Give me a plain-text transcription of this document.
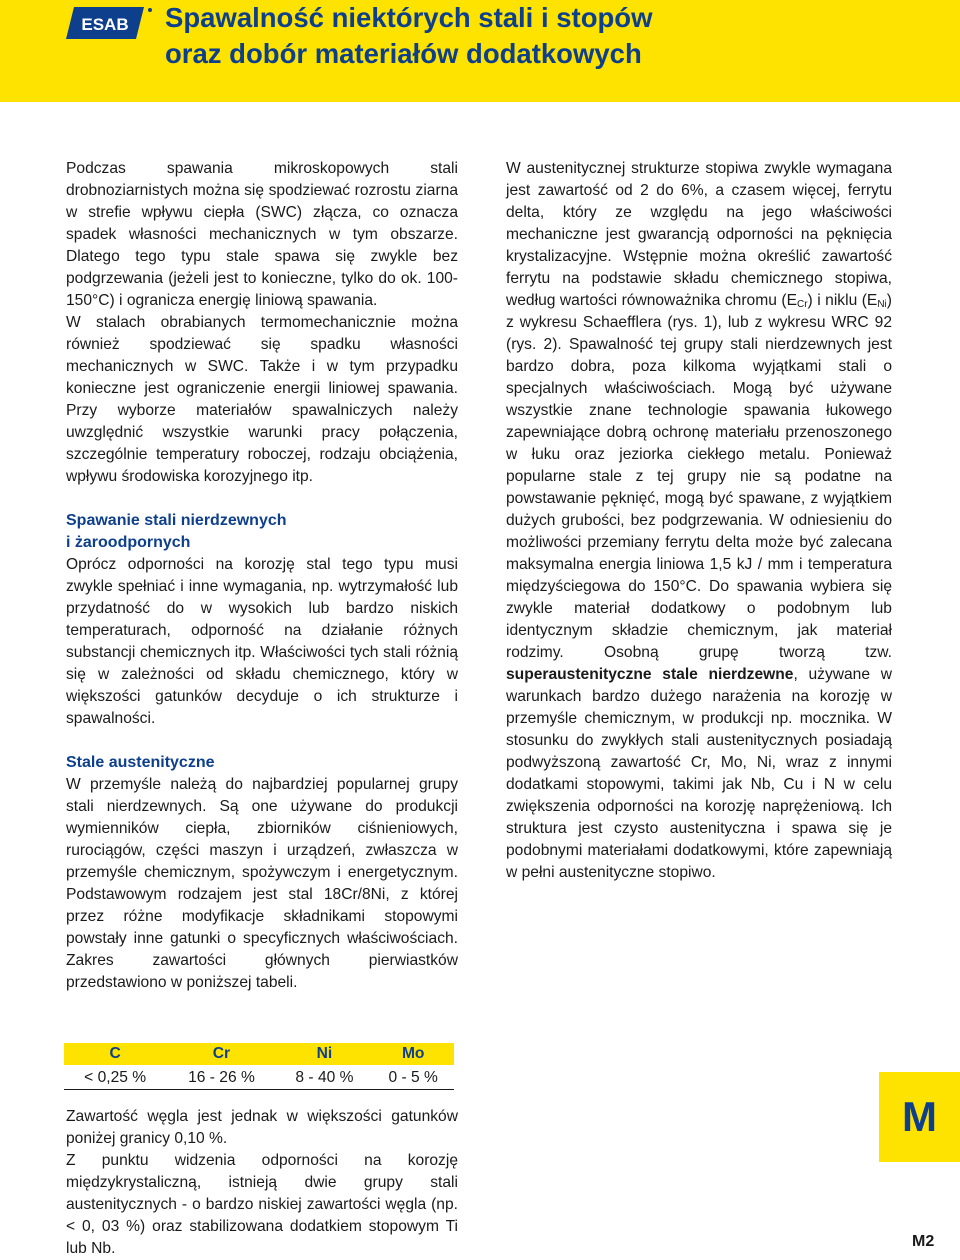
ESAB Spawalność niektórych stali i stopów
oraz dobór materiałów dodatkowych

Podczas spawania mikroskopowych stali drobnoziarnistych można się spodziewać rozrostu ziarna w strefie wpływu ciepła (SWC) złącza, co oznacza spadek własności mechanicznych w tym obszarze. Dlatego tego typu stale spawa się zwykle bez podgrzewania (jeżeli jest to konieczne, tylko do ok. 100-150°C) i ogranicza energię liniową spawania.

W stalach obrabianych termomechanicznie można również spodziewać się spadku własności mechanicznych w SWC. Także i w tym przypadku konieczne jest ograniczenie energii liniowej spawania. Przy wyborze materiałów spawalniczych należy uwzględnić wszystkie warunki pracy połączenia, szczególnie temperatury roboczej, rodzaju obciążenia, wpływu środowiska korozyjnego itp.

Spawanie stali nierdzewnych
i żaroodpornych

Oprócz odporności na korozję stal tego typu musi zwykle spełniać i inne wymagania, np. wytrzymałość lub przydatność do w wysokich lub bardzo niskich temperaturach, odporność na działanie różnych substancji chemicznych itp. Właściwości tych stali różnią się w zależności od składu chemicznego, który w większości gatunków decyduje o ich strukturze i spawalności.

Stale austenityczne

W przemyśle należą do najbardziej popularnej grupy stali nierdzewnych. Są one używane do produkcji wymienników ciepła, zbiorników ciśnieniowych, rurociągów, części maszyn i urządzeń, zwłaszcza w przemyśle chemicznym, spożywczym i energetycznym. Podstawowym rodzajem jest stal 18Cr/8Ni, z której przez różne modyfikacje składnikami stopowymi powstały inne gatunki o specyficznych właściwościach. Zakres zawartości głównych pierwiastków przedstawiono w poniższej tabeli.

W austenitycznej strukturze stopiwa zwykle wymagana jest zawartość od 2 do 6%, a czasem więcej, ferrytu delta, który ze względu na jego właściwości mechaniczne jest gwarancją odporności na pęknięcia krystalizacyjne. Wstępnie można określić zawartość ferrytu na podstawie składu chemicznego stopiwa, według wartości równoważnika chromu $(E_{Cr})$ i niklu $(E_{Ni})$ z wykresu Schaefflera (rys. 1), lub z wykresu WRC 92 (rys. 2). Spawalność tej grupy stali nierdzewnych jest bardzo dobra, poza kilkoma wyjątkami stali o specjalnych właściwościach. Mogą być używane wszystkie znane technologie spawania łukowego zapewniające dobrą ochronę materiału przenoszonego w łuku oraz jeziorka ciekłego metalu. Ponieważ popularne stale z tej grupy nie są podatne na powstawanie pęknięć, mogą być spawane, z wyjątkiem dużych grubości, bez podgrzewania. W odniesieniu do możliwości przemiany ferrytu delta może być zalecana maksymalna energia liniowa 1,5 kJ / mm i temperatura międzyściegowa do 150°C. Do spawania wybiera się zwykle materiał dodatkowy o podobnym lub identycznym składzie chemicznym, jak materiał rodzimy. Osobną grupę tworzą tzw. superaustenityczne stale nierdzewne, używane w warunkach bardzo dużego narażenia na korozję w przemyśle chemicznym, w produkcji np. mocznika. W stosunku do zwykłych stali austenitycznych posiadają podwyższoną zawartość Cr, Mo, Ni, wraz z innymi dodatkami stopowymi, takimi jak Nb, Cu i N w celu zwiększenia odporności na korozję naprężeniową. Ich struktura jest czysto austenityczna i spawa się je podobnymi materiałami dodatkowymi, które zapewniają w pełni austenityczne stopiwo.

C	Cr	Ni	Mo
< 0,25 %	16 - 26 %	8 - 40 %	0 - 5 %

Zawartość węgla jest jednak w większości gatunków poniżej granicy 0,10 %.

Z punktu widzenia odporności na korozję międzykrystaliczną, istnieją dwie grupy stali austenitycznych - o bardzo niskiej zawartości węgla (np. < 0, 03 %) oraz stabilizowana dodatkiem stopowym Ti lub Nb.

M
M2
